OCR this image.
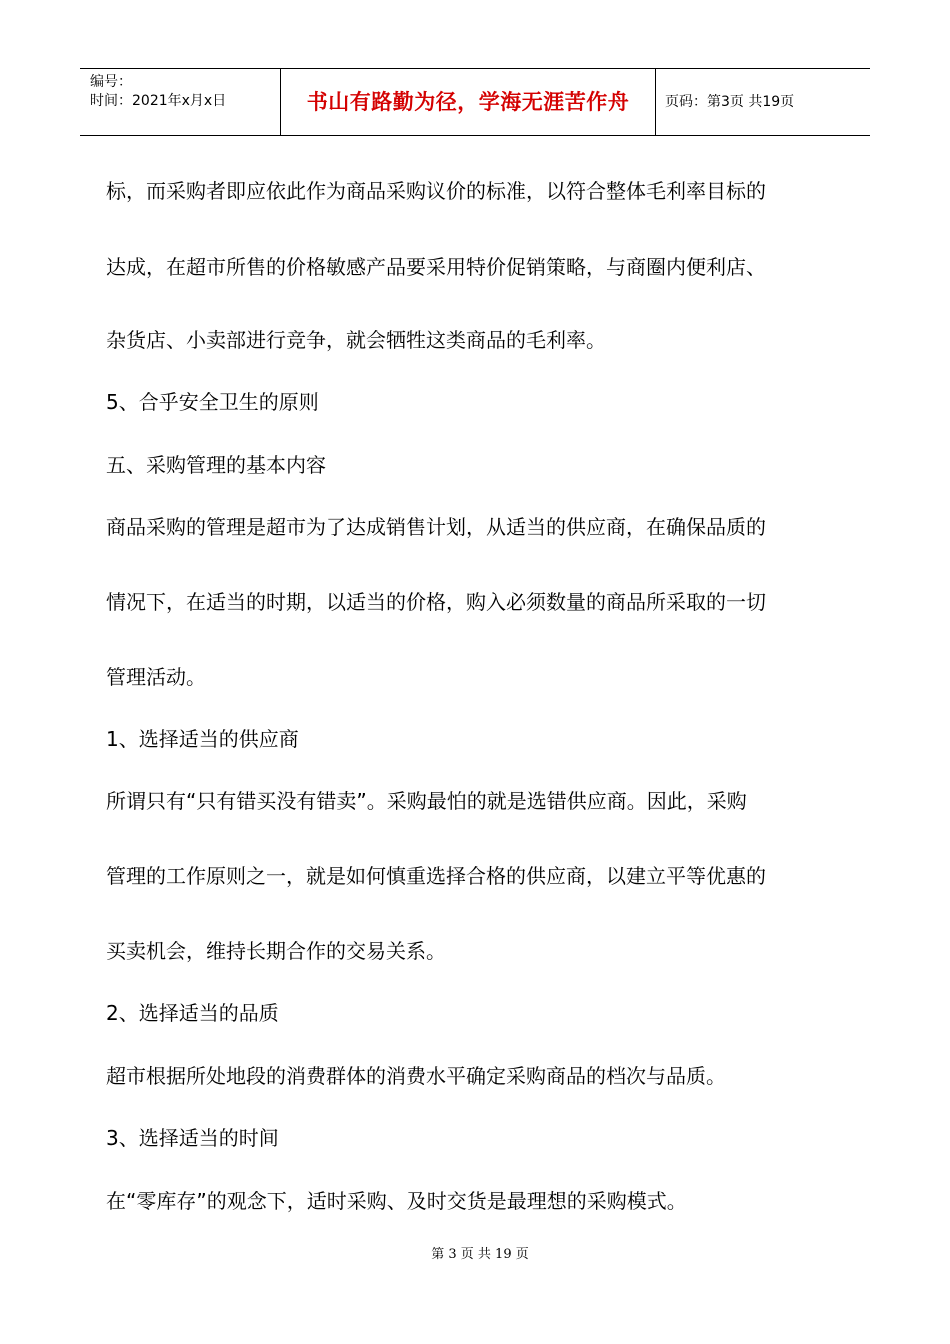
编号：
时间：2021年x月x日	书山有路勤为径，学海无涯苦作舟	页码：第3页 共19页
标，而采购者即应依此作为商品采购议价的标准，以符合整体毛利率目标的
达成，在超市所售的价格敏感产品要采用特价促销策略，与商圈内便利店、
杂货店、小卖部进行竞争，就会牺牲这类商品的毛利率。
5、合乎安全卫生的原则
五、采购管理的基本内容
商品采购的管理是超市为了达成销售计划，从适当的供应商，在确保品质的
情况下，在适当的时期，以适当的价格，购入必须数量的商品所采取的一切
管理活动。
1、选择适当的供应商
所谓只有“只有错买没有错卖”。采购最怕的就是选错供应商。因此，采购
管理的工作原则之一，就是如何慎重选择合格的供应商，以建立平等优惠的
买卖机会，维持长期合作的交易关系。
2、选择适当的品质
超市根据所处地段的消费群体的消费水平确定采购商品的档次与品质。
3、选择适当的时间
在“零库存”的观念下，适时采购、及时交货是最理想的采购模式。
第 3 页 共 19 页
